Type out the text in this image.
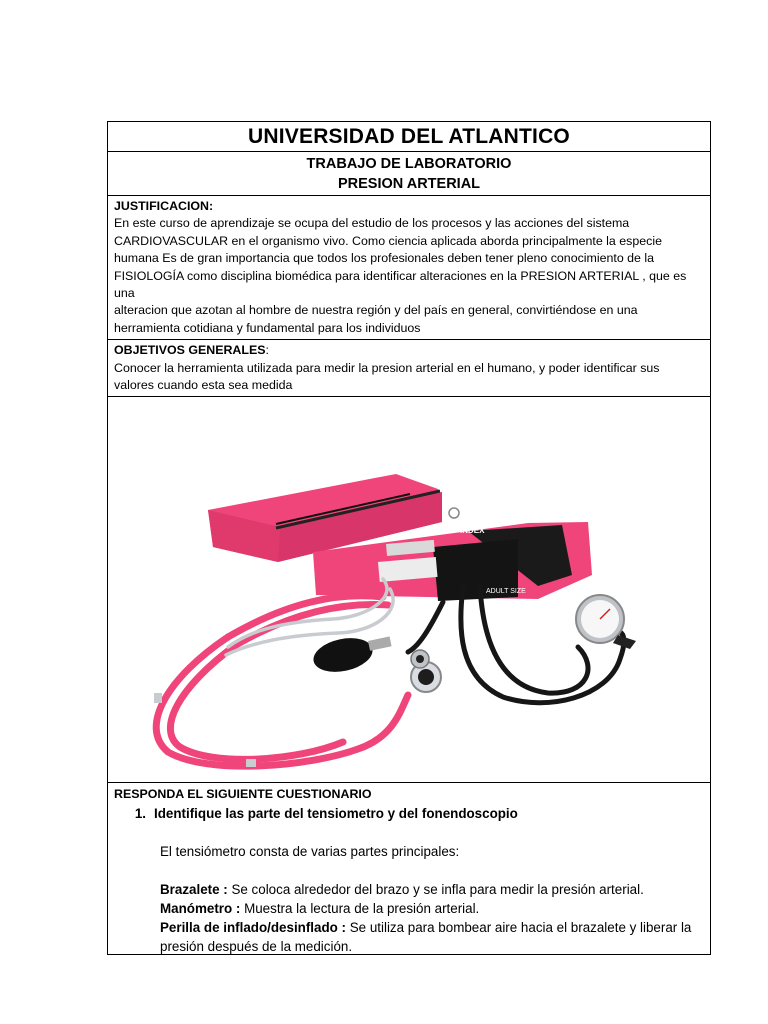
UNIVERSIDAD DEL ATLANTICO
TRABAJO DE LABORATORIO
PRESION ARTERIAL
JUSTIFICACION:
En este curso de aprendizaje se ocupa del estudio de los procesos y las acciones del sistema
CARDIOVASCULAR en el organismo vivo. Como ciencia aplicada aborda principalmente la especie
humana Es de gran importancia que todos los profesionales deben tener pleno conocimiento de la
FISIOLOGÍA como disciplina biomédica para identificar alteraciones en la PRESION ARTERIAL , que es una
alteracion que azotan al hombre de nuestra región y del país en general, convirtiéndose en una
herramienta cotidiana y fundamental para los individuos
OBJETIVOS GENERALES:
Conocer la herramienta utilizada para medir la presion arterial en el humano, y poder identificar sus
valores cuando esta sea medida
INDEX
ADULT SIZE
RESPONDA EL SIGUIENTE CUESTIONARIO
1. Identifique las parte del tensiometro y del fonendoscopio
El tensiómetro consta de varias partes principales:
Brazalete : Se coloca alrededor del brazo y se infla para medir la presión arterial.
Manómetro : Muestra la lectura de la presión arterial.
Perilla de inflado/desinflado : Se utiliza para bombear aire hacia el brazalete y liberar la
presión después de la medición.
